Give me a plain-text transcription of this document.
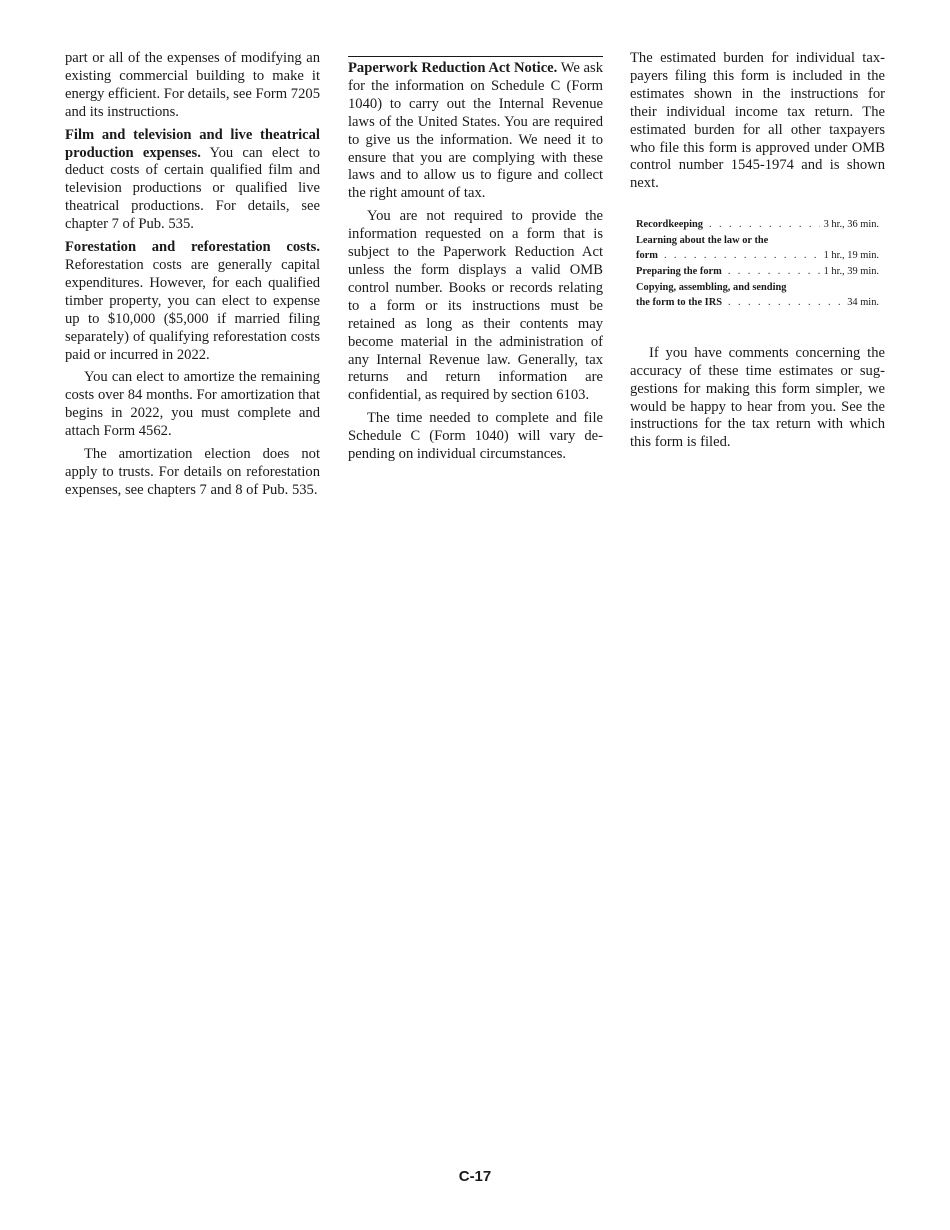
part or all of the expenses of modifying an existing commercial building to make it energy efficient. For details, see Form 7205 and its instructions.

Film and television and live theatrical production expenses. You can elect to deduct costs of certain qualified film and television productions or qualified live theatrical productions. For details, see chapter 7 of Pub. 535.

Forestation and reforestation costs. Reforestation costs are generally capital expenditures. However, for each qualified timber property, you can elect to expense up to $10,000 ($5,000 if married filing separately) of qualifying reforestation costs paid or incurred in 2022.

You can elect to amortize the remaining costs over 84 months. For amortization that begins in 2022, you must complete and attach Form 4562.

The amortization election does not apply to trusts. For details on reforestation expenses, see chapters 7 and 8 of Pub. 535.

Paperwork Reduction Act Notice. We ask for the information on Schedule C (Form 1040) to carry out the Internal Revenue laws of the United States. You are required to give us the information. We need it to ensure that you are complying with these laws and to allow us to figure and collect the right amount of tax.

You are not required to provide the information requested on a form that is subject to the Paperwork Reduction Act unless the form displays a valid OMB control number. Books or records relating to a form or its instructions must be retained as long as their contents may become material in the administration of any Internal Revenue law. Generally, tax returns and return information are confidential, as required by section 6103.

The time needed to complete and file Schedule C (Form 1040) will vary depending on individual circumstances.

The estimated burden for individual taxpayers filing this form is included in the estimates shown in the instructions for their individual income tax return. The estimated burden for all other taxpayers who file this form is approved under OMB control number 1545-1974 and is shown next.

Recordkeeping . . .	3 hr., 36 min.
Learning about the law or the
form . . .	1 hr., 19 min.
Preparing the form . . .	1 hr., 39 min.
Copying, assembling, and sending
the form to the IRS . . .	34 min.

If you have comments concerning the accuracy of these time estimates or suggestions for making this form simpler, we would be happy to hear from you. See the instructions for the tax return with which this form is filed.

C-17
